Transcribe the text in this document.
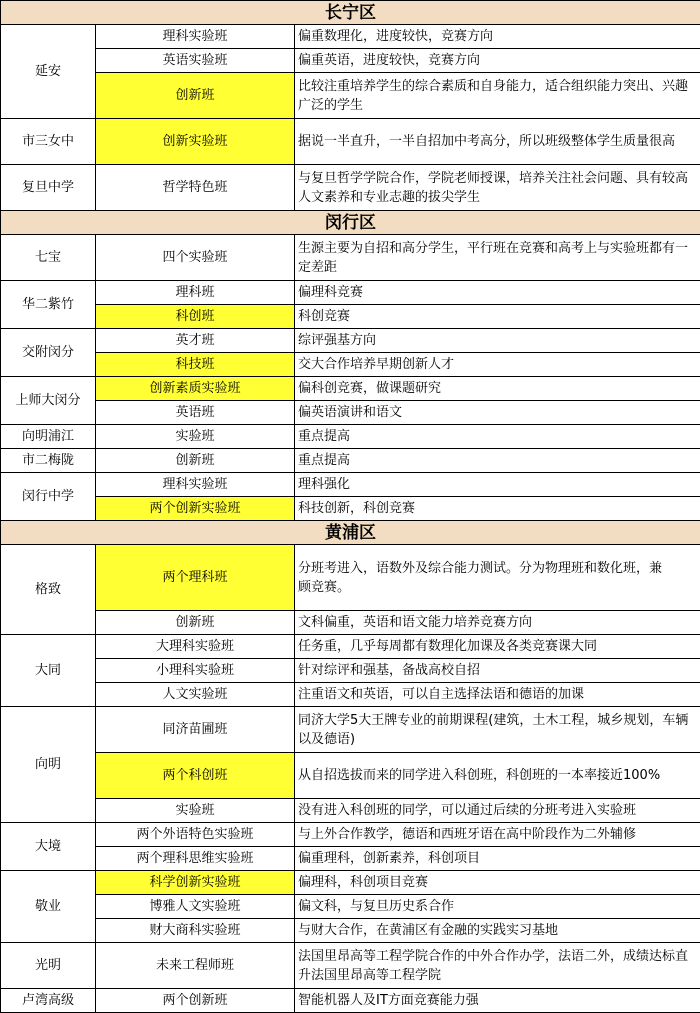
长宁区		
延安	理科实验班	偏重数理化，进度较快，竞赛方向
	英语实验班	偏重英语，进度较快，竞赛方向
	创新班	比较注重培养学生的综合素质和自身能力，适合组织能力突出、兴趣广泛的学生
市三女中	创新实验班	据说一半直升，一半自招加中考高分，所以班级整体学生质量很高
复旦中学	哲学特色班	与复旦哲学学院合作，学院老师授课，培养关注社会问题、具有较高人文素养和专业志趣的拔尖学生
闵行区		
七宝	四个实验班	生源主要为自招和高分学生，平行班在竞赛和高考上与实验班都有一定差距
华二紫竹	理科班	偏理科竞赛
	科创班	科创竞赛
交附闵分	英才班	综评强基方向
	科技班	交大合作培养早期创新人才
上师大闵分	创新素质实验班	偏科创竞赛，做课题研究
	英语班	偏英语演讲和语文
向明浦江	实验班	重点提高
市二梅陇	创新班	重点提高
闵行中学	理科实验班	理科强化
	两个创新实验班	科技创新，科创竞赛
黄浦区		
格致	两个理科班	分班考进入，语数外及综合能力测试。分为物理班和数化班，兼
顾竞赛。
	创新班	文科偏重，英语和语文能力培养竞赛方向
大同	大理科实验班	任务重，几乎每周都有数理化加课及各类竞赛课大同
	小理科实验班	针对综评和强基，备战高校自招
	人文实验班	注重语文和英语，可以自主选择法语和德语的加课
向明	同济苗圃班	同济大学5大王牌专业的前期课程(建筑，土木工程，城乡规划，车辆以及德语)
	两个科创班	从自招选拔而来的同学进入科创班，科创班的一本率接近100%
	实验班	没有进入科创班的同学，可以通过后续的分班考进入实验班
大境	两个外语特色实验班	与上外合作教学，德语和西班牙语在高中阶段作为二外辅修
	两个理科思维实验班	偏重理科，创新素养，科创项目
敬业	科学创新实验班	偏理科，科创项目竞赛
	博雅人文实验班	偏文科，与复旦历史系合作
	财大商科实验班	与财大合作，在黄浦区有金融的实践实习基地
光明	未来工程师班	法国里昂高等工程学院合作的中外合作办学，法语二外，成绩达标直升法国里昂高等工程学院
卢湾高级	两个创新班	智能机器人及IT方面竞赛能力强
